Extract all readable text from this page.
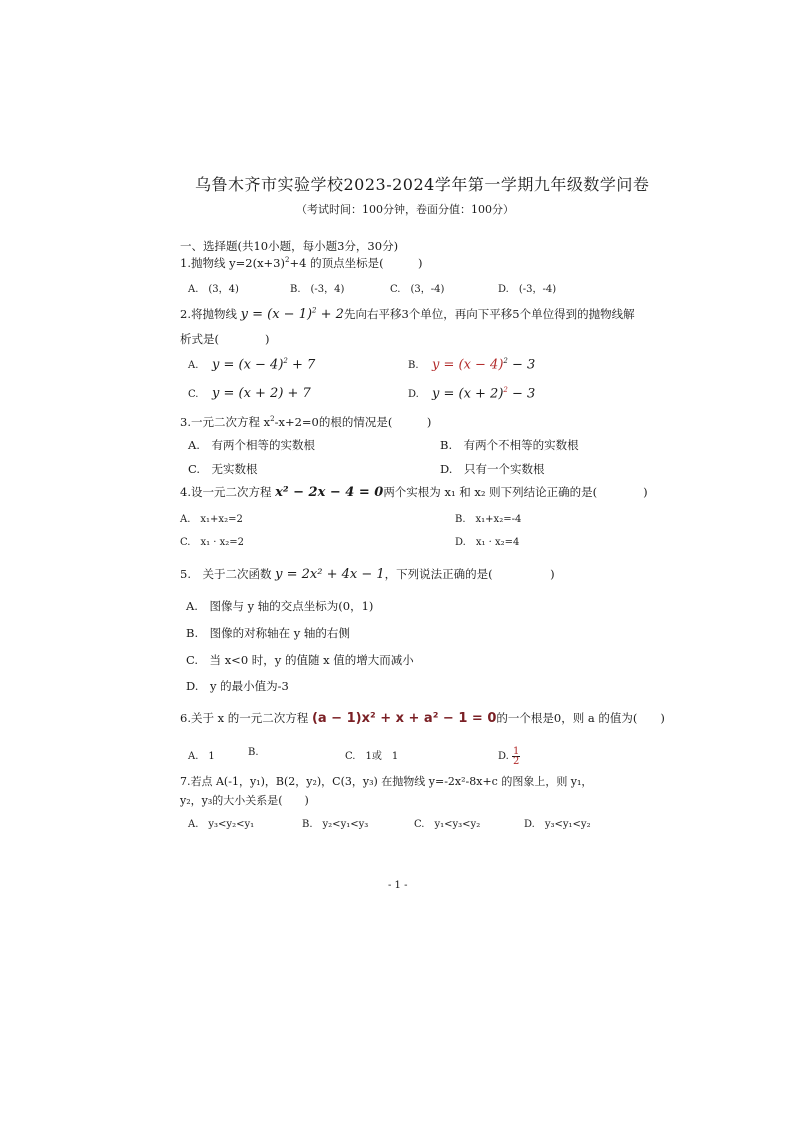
乌鲁木齐市实验学校2023-2024学年第一学期九年级数学问卷
（考试时间：100分钟，卷面分值：100分）
一、选择题(共10小题，每小题3分，30分)
1.抛物线 $y=2(x+3)^2+4$ 的顶点坐标是(　　　)
A.　(3，4)	B.　(-3，4)	C.　(3，-4)	D.　(-3，-4)
2.将抛物线 $y = (x - 1)^2 + 2$先向右平移3个单位，再向下平移5个单位得到的抛物线解
析式是(　　　　)
A. $y = (x - 4)^2 + 7$	B. $y = (x - 4)^2 - 3$
C. y = (x + 2) + 7	D. $y = (x + 2)^2 - 3$
3.一元二次方程 $x^2-x+2=0$的根的情况是(　　　)
A.　有两个相等的实数根	B.　有两个不相等的实数根
C.　无实数根	D.　只有一个实数根
4.设一元二次方程 x² − 2x − 4 = 0两个实根为 x₁ 和 x₂ 则下列结论正确的是(　　　　)
A.　x₁+x₂=2	B.　x₁+x₂=-4
C.　x₁ · x₂=2	D.　x₁ · x₂=4
5.　关于二次函数 y = 2x² + 4x − 1，下列说法正确的是(　　　　　)
A.　图像与 y 轴的交点坐标为(0，1)
B.　图像的对称轴在 y 轴的右侧
C.　当 x<0 时，y 的值随 x 值的增大而减小
D.　y 的最小值为-3
6.关于 x 的一元二次方程 (a − 1)x² + x + a² − 1 = 0的一个根是0，则 a 的值为(　　)
A.　1	B.	C.　1或　1	D. $\frac{1}{2}$
7.若点 A(-1，y₁)，B(2，y₂)，C(3，y₃) 在抛物线 y=-2x²-8x+c 的图象上，则 y₁，
y₂，y₃的大小关系是(　　)
A.　y₃<y₂<y₁	B.　y₂<y₁<y₃	C.　y₁<y₃<y₂	D.　y₃<y₁<y₂
- 1 -
